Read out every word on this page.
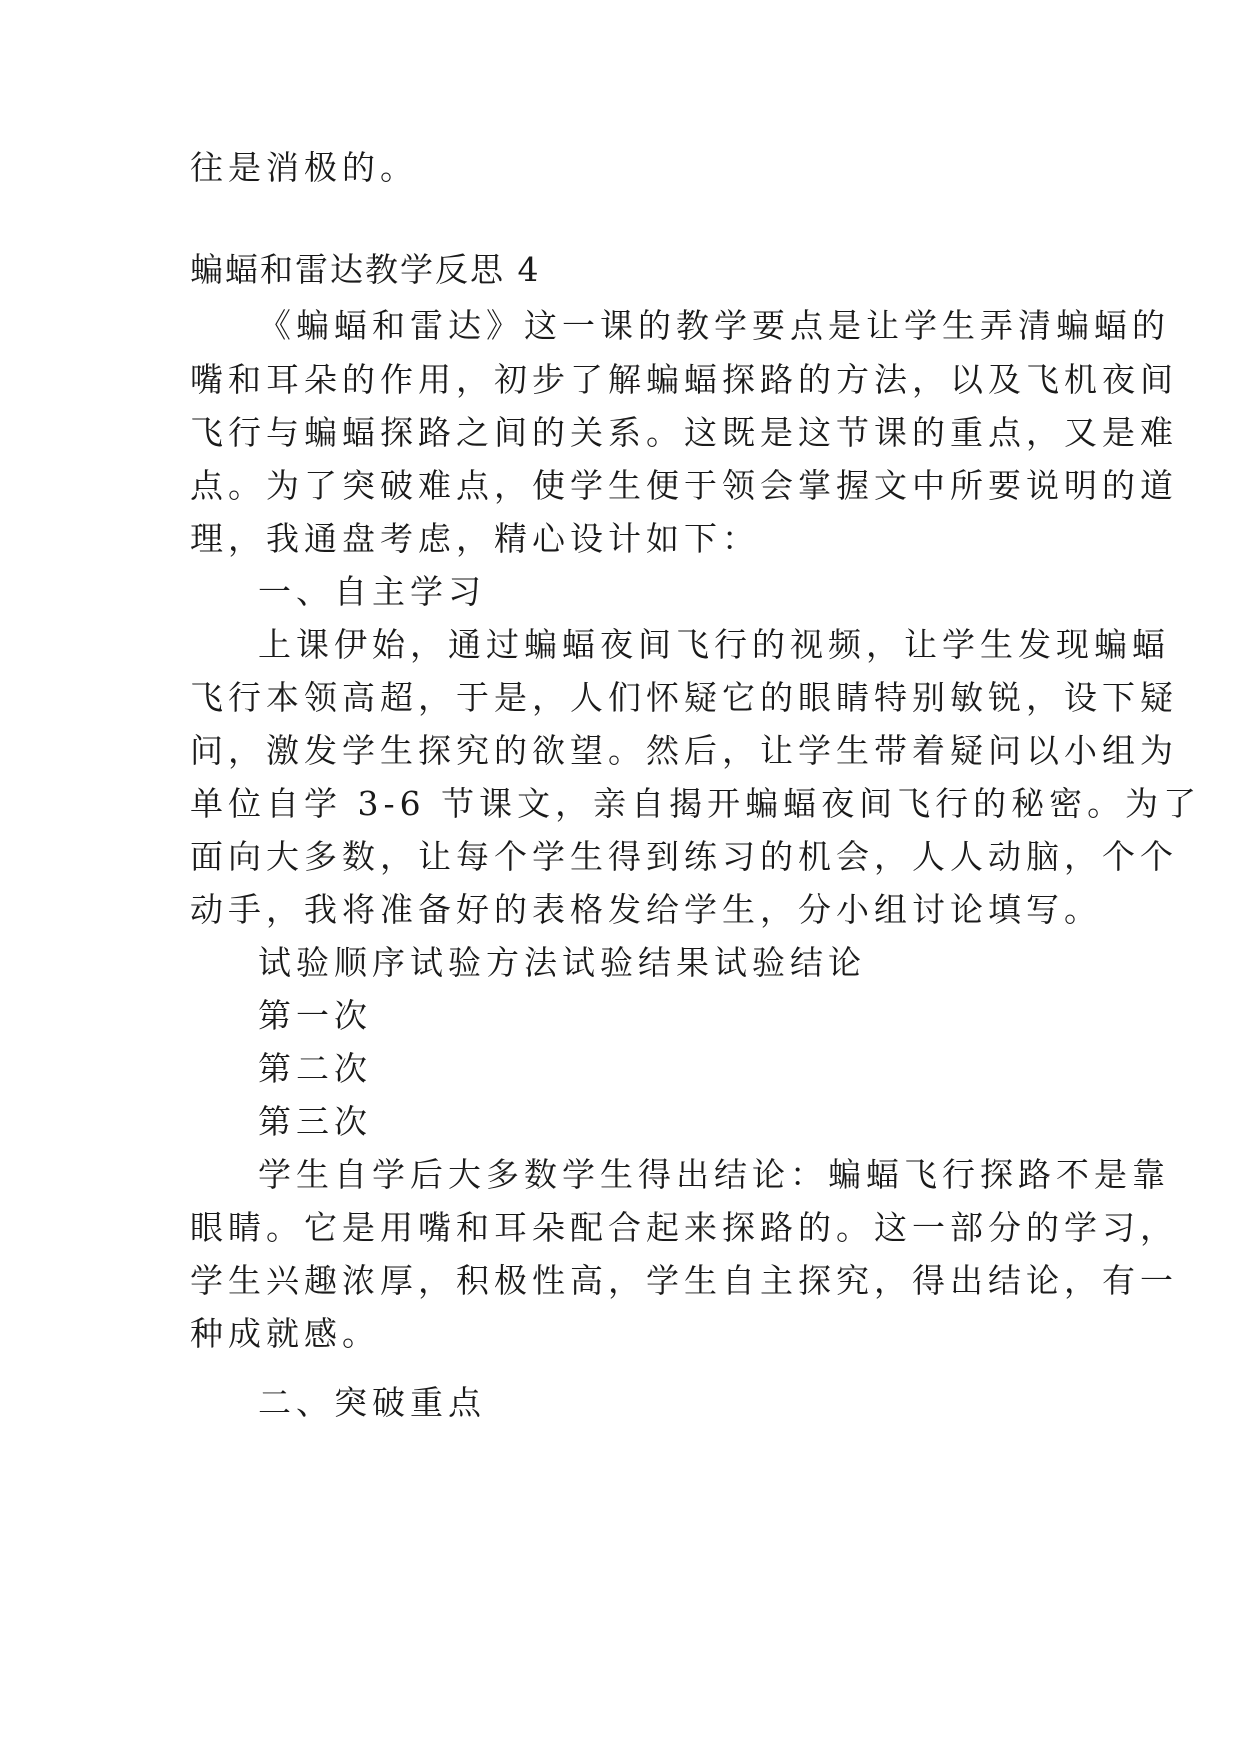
往是消极的。

蝙蝠和雷达教学反思 4

《蝙蝠和雷达》这一课的教学要点是让学生弄清蝙蝠的

嘴和耳朵的作用，初步了解蝙蝠探路的方法，以及飞机夜间

飞行与蝙蝠探路之间的关系。这既是这节课的重点，又是难

点。为了突破难点，使学生便于领会掌握文中所要说明的道

理，我通盘考虑，精心设计如下：

一、自主学习

上课伊始，通过蝙蝠夜间飞行的视频，让学生发现蝙蝠

飞行本领高超，于是，人们怀疑它的眼睛特别敏锐，设下疑

问，激发学生探究的欲望。然后，让学生带着疑问以小组为

单位自学 3-6 节课文，亲自揭开蝙蝠夜间飞行的秘密。为了

面向大多数，让每个学生得到练习的机会，人人动脑，个个

动手，我将准备好的表格发给学生，分小组讨论填写。

试验顺序试验方法试验结果试验结论

第一次

第二次

第三次

学生自学后大多数学生得出结论：蝙蝠飞行探路不是靠

眼睛。它是用嘴和耳朵配合起来探路的。这一部分的学习，

学生兴趣浓厚，积极性高，学生自主探究，得出结论，有一

种成就感。

二、突破重点
